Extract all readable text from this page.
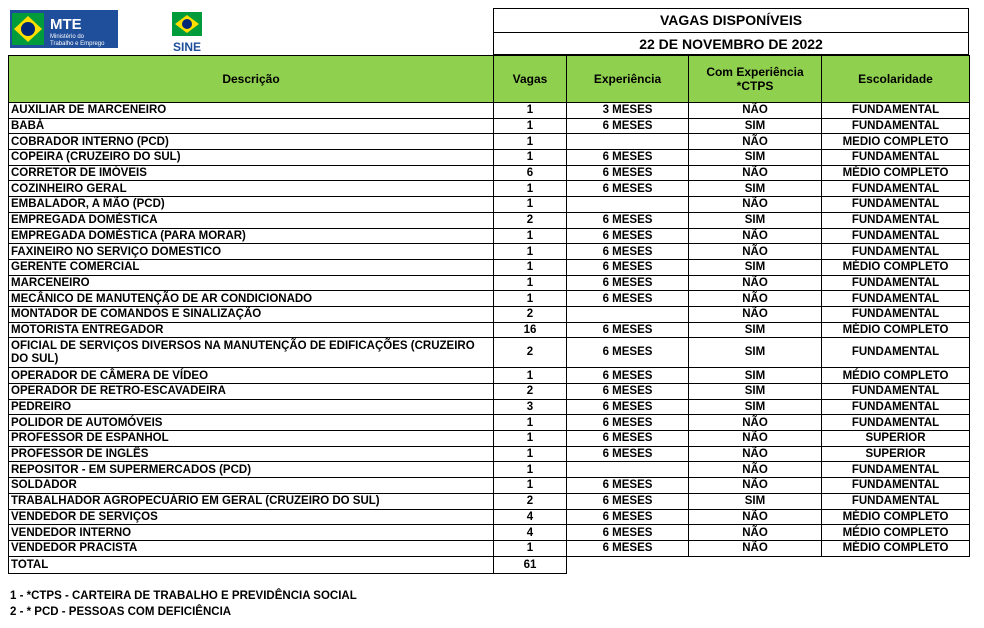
MTE
Ministério do
Trabalho e Emprego	SINE
VAGAS DISPONÍVEIS
22 DE NOVEMBRO DE 2022
Descrição	Vagas	Experiência	Com Experiência *CTPS	Escolaridade
AUXILIAR DE MARCENEIRO	1	3 MESES	NÃO	FUNDAMENTAL
BABÁ	1	6 MESES	SIM	FUNDAMENTAL
COBRADOR INTERNO (PCD)	1		NÃO	MEDIO COMPLETO
COPEIRA (CRUZEIRO DO SUL)	1	6 MESES	SIM	FUNDAMENTAL
CORRETOR DE IMÓVEIS	6	6 MESES	NÃO	MÉDIO COMPLETO
COZINHEIRO GERAL	1	6 MESES	SIM	FUNDAMENTAL
EMBALADOR, A MÃO (PCD)	1		NÃO	FUNDAMENTAL
EMPREGADA DOMÉSTICA	2	6 MESES	SIM	FUNDAMENTAL
EMPREGADA DOMÉSTICA (PARA MORAR)	1	6 MESES	NÃO	FUNDAMENTAL
FAXINEIRO NO SERVIÇO DOMESTICO	1	6 MESES	NÃO	FUNDAMENTAL
GERENTE COMERCIAL	1	6 MESES	SIM	MÉDIO COMPLETO
MARCENEIRO	1	6 MESES	NÃO	FUNDAMENTAL
MECÂNICO DE MANUTENÇÃO DE AR CONDICIONADO	1	6 MESES	NÃO	FUNDAMENTAL
MONTADOR DE COMANDOS E SINALIZAÇÃO	2		NÃO	FUNDAMENTAL
MOTORISTA ENTREGADOR	16	6 MESES	SIM	MÉDIO COMPLETO
OFICIAL DE SERVIÇOS DIVERSOS NA MANUTENÇÃO DE EDIFICAÇÕES (CRUZEIRO DO SUL)	2	6 MESES	SIM	FUNDAMENTAL
OPERADOR DE CÂMERA DE VÍDEO	1	6 MESES	SIM	MÉDIO COMPLETO
OPERADOR DE RETRO-ESCAVADEIRA	2	6 MESES	SIM	FUNDAMENTAL
PEDREIRO	3	6 MESES	SIM	FUNDAMENTAL
POLIDOR DE AUTOMÓVEIS	1	6 MESES	NÃO	FUNDAMENTAL
PROFESSOR DE ESPANHOL	1	6 MESES	NÃO	SUPERIOR
PROFESSOR DE INGLÊS	1	6 MESES	NÃO	SUPERIOR
REPOSITOR - EM SUPERMERCADOS (PCD)	1		NÃO	FUNDAMENTAL
SOLDADOR	1	6 MESES	NÃO	FUNDAMENTAL
TRABALHADOR AGROPECUÁRIO EM GERAL (CRUZEIRO DO SUL)	2	6 MESES	SIM	FUNDAMENTAL
VENDEDOR DE SERVIÇOS	4	6 MESES	NÃO	MÉDIO COMPLETO
VENDEDOR INTERNO	4	6 MESES	NÃO	MÉDIO COMPLETO
VENDEDOR PRACISTA	1	6 MESES	NÃO	MÉDIO COMPLETO
TOTAL	61			
1 - *CTPS - CARTEIRA DE TRABALHO E PREVIDÊNCIA SOCIAL
2 - * PCD - PESSOAS COM DEFICIÊNCIA
